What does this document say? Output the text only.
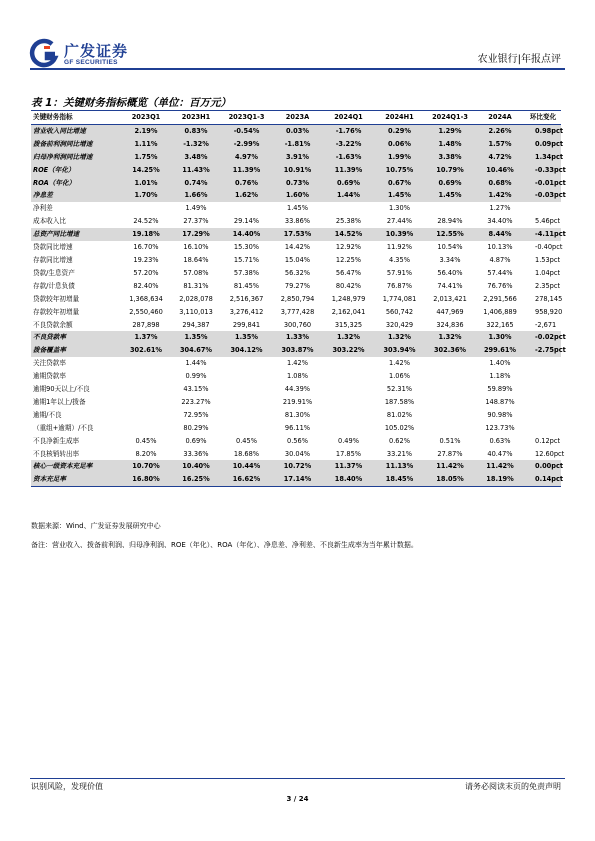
广发证券
GF SECURITIES	农业银行|年报点评
表 1：关键财务指标概览（单位：百万元）
关键财务指标	2023Q1	2023H1	2023Q1-3	2023A	2024Q1	2024H1	2024Q1-3	2024A	环比变化
营业收入同比增速	2.19%	0.83%	-0.54%	0.03%	-1.76%	0.29%	1.29%	2.26%	0.98pct
拨备前利润同比增速	1.11%	-1.32%	-2.99%	-1.81%	-3.22%	0.06%	1.48%	1.57%	0.09pct
归母净利润同比增速	1.75%	3.48%	4.97%	3.91%	-1.63%	1.99%	3.38%	4.72%	1.34pct
ROE（年化）	14.25%	11.43%	11.39%	10.91%	11.39%	10.75%	10.79%	10.46%	-0.33pct
ROA（年化）	1.01%	0.74%	0.76%	0.73%	0.69%	0.67%	0.69%	0.68%	-0.01pct
净息差	1.70%	1.66%	1.62%	1.60%	1.44%	1.45%	1.45%	1.42%	-0.03pct
净利差		1.49%		1.45%		1.30%		1.27%	
成本收入比	24.52%	27.37%	29.14%	33.86%	25.38%	27.44%	28.94%	34.40%	5.46pct
总资产同比增速	19.18%	17.29%	14.40%	17.53%	14.52%	10.39%	12.55%	8.44%	-4.11pct
贷款同比增速	16.70%	16.10%	15.30%	14.42%	12.92%	11.92%	10.54%	10.13%	-0.40pct
存款同比增速	19.23%	18.64%	15.71%	15.04%	12.25%	4.35%	3.34%	4.87%	1.53pct
贷款/生息资产	57.20%	57.08%	57.38%	56.32%	56.47%	57.91%	56.40%	57.44%	1.04pct
存款/计息负债	82.40%	81.31%	81.45%	79.27%	80.42%	76.87%	74.41%	76.76%	2.35pct
贷款较年初增量	1,368,634	2,028,078	2,516,367	2,850,794	1,248,979	1,774,081	2,013,421	2,291,566	278,145
存款较年初增量	2,550,460	3,110,013	3,276,412	3,777,428	2,162,041	560,742	447,969	1,406,889	958,920
不良贷款余额	287,898	294,387	299,841	300,760	315,325	320,429	324,836	322,165	-2,671
不良贷款率	1.37%	1.35%	1.35%	1.33%	1.32%	1.32%	1.32%	1.30%	-0.02pct
拨备覆盖率	302.61%	304.67%	304.12%	303.87%	303.22%	303.94%	302.36%	299.61%	-2.75pct
关注贷款率		1.44%		1.42%		1.42%		1.40%	
逾期贷款率		0.99%		1.08%		1.06%		1.18%	
逾期90天以上/不良		43.15%		44.39%		52.31%		59.89%	
逾期1年以上/拨备		223.27%		219.91%		187.58%		148.87%	
逾期/不良		72.95%		81.30%		81.02%		90.98%	
（重组+逾期）/不良		80.29%		96.11%		105.02%		123.73%	
不良净新生成率	0.45%	0.69%	0.45%	0.56%	0.49%	0.62%	0.51%	0.63%	0.12pct
不良核销转出率	8.20%	33.36%	18.68%	30.04%	17.85%	33.21%	27.87%	40.47%	12.60pct
核心一级资本充足率	10.70%	10.40%	10.44%	10.72%	11.37%	11.13%	11.42%	11.42%	0.00pct
资本充足率	16.80%	16.25%	16.62%	17.14%	18.40%	18.45%	18.05%	18.19%	0.14pct
数据来源：Wind、广发证券发展研究中心
备注：营业收入、拨备前利润、归母净利润、ROE（年化）、ROA（年化）、净息差、净利差、不良新生成率为当年累计数据。
识别风险，发现价值	请务必阅读末页的免责声明
3 / 24
